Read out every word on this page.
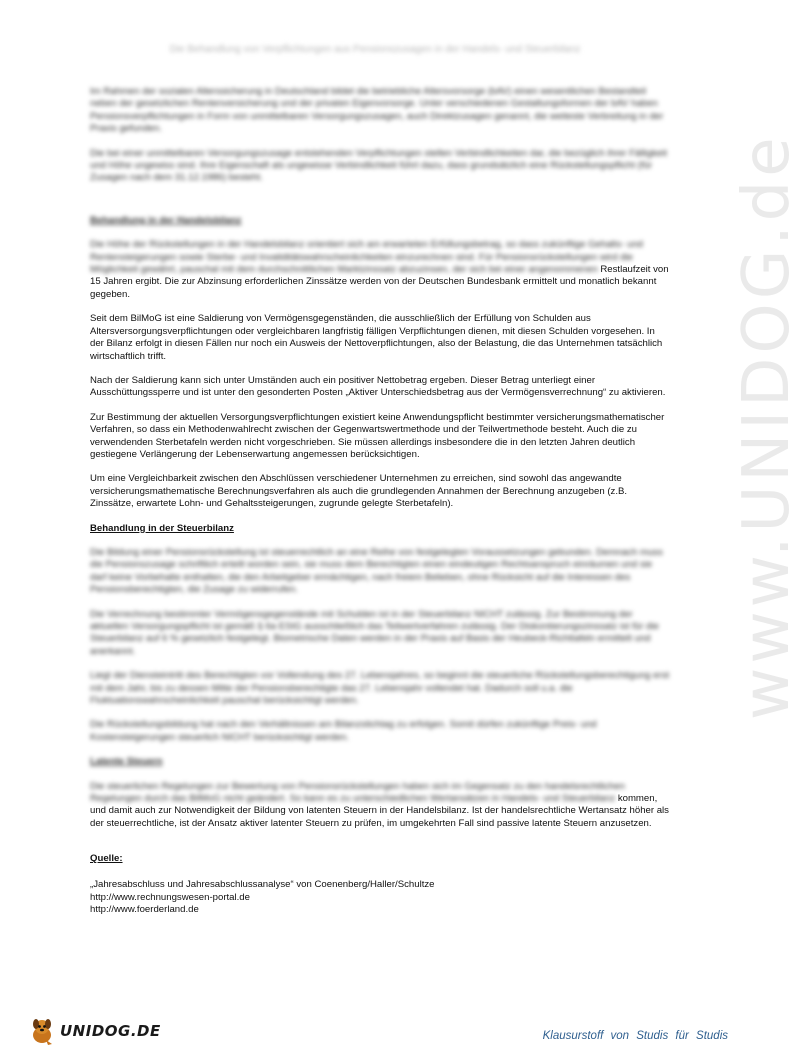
Die Behandlung von Verpflichtungen aus Pensionszusagen in der Handels- und Steuerbilanz
www.UNIDOG.de

Im Rahmen der sozialen Alterssicherung in Deutschland bildet die betriebliche Altersvorsorge (bAV) einen wesentlichen Bestandteil neben der gesetzlichen Rentenversicherung und der privaten Eigenvorsorge. Unter verschiedenen Gestaltungsformen der bAV haben Pensionsverpflichtungen in Form von unmittelbaren Versorgungszusagen, auch Direktzusagen genannt, die weiteste Verbreitung in der Praxis gefunden.

Die bei einer unmittelbaren Versorgungszusage entstehenden Verpflichtungen stellen Verbindlichkeiten dar, die bezüglich ihrer Fälligkeit und Höhe ungewiss sind. Ihre Eigenschaft als ungewisse Verbindlichkeit führt dazu, dass grundsätzlich eine Rückstellungspflicht (für Zusagen nach dem 31.12.1986) besteht.

Behandlung in der Handelsbilanz

Die Höhe der Rückstellungen in der Handelsbilanz orientiert sich am erwarteten Erfüllungsbetrag, so dass zukünftige Gehalts- und Rentensteigerungen sowie Sterbe- und Invaliditätswahrscheinlichkeiten einzurechnen sind. Für Pensionsrückstellungen wird die Möglichkeit gewährt, pauschal mit dem durchschnittlichen Marktzinssatz abzuzinsen, der sich bei einer angenommenen Restlaufzeit von 15 Jahren ergibt. Die zur Abzinsung erforderlichen Zinssätze werden von der Deutschen Bundesbank ermittelt und monatlich bekannt gegeben.

Seit dem BilMoG ist eine Saldierung von Vermögensgegenständen, die ausschließlich der Erfüllung von Schulden aus Altersversorgungsverpflichtungen oder vergleichbaren langfristig fälligen Verpflichtungen dienen, mit diesen Schulden vorgesehen. In der Bilanz erfolgt in diesen Fällen nur noch ein Ausweis der Nettoverpflichtungen, also der Belastung, die das Unternehmen tatsächlich wirtschaftlich trifft.

Nach der Saldierung kann sich unter Umständen auch ein positiver Nettobetrag ergeben. Dieser Betrag unterliegt einer Ausschüttungssperre und ist unter den gesonderten Posten „Aktiver Unterschiedsbetrag aus der Vermögensverrechnung“ zu aktivieren.

Zur Bestimmung der aktuellen Versorgungsverpflichtungen existiert keine Anwendungspflicht bestimmter versicherungsmathematischer Verfahren, so dass ein Methodenwahlrecht zwischen der Gegenwartswertmethode und der Teilwertmethode besteht. Auch die zu verwendenden Sterbetafeln werden nicht vorgeschrieben. Sie müssen allerdings insbesondere die in den letzten Jahren deutlich gestiegene Verlängerung der Lebenserwartung angemessen berücksichtigen.

Um eine Vergleichbarkeit zwischen den Abschlüssen verschiedener Unternehmen zu erreichen, sind sowohl das angewandte versicherungsmathematische Berechnungsverfahren als auch die grundlegenden Annahmen der Berechnung anzugeben (z.B. Zinssätze, erwartete Lohn- und Gehaltssteigerungen, zugrunde gelegte Sterbetafeln).

Behandlung in der Steuerbilanz

Die Bildung einer Pensionsrückstellung ist steuerrechtlich an eine Reihe von festgelegten Voraussetzungen gebunden. Demnach muss die Pensionszusage schriftlich erteilt worden sein, sie muss dem Berechtigten einen eindeutigen Rechtsanspruch einräumen und sie darf keine Vorbehalte enthalten, die den Arbeitgeber ermächtigen, nach freiem Belieben, ohne Rücksicht auf die Interessen des Pensionsberechtigten, die Zusage zu widerrufen.

Die Verrechnung bestimmter Vermögensgegenstände mit Schulden ist in der Steuerbilanz NICHT zulässig. Zur Bestimmung der aktuellen Versorgungspflicht ist gemäß § 6a EStG ausschließlich das Teilwertverfahren zulässig. Der Diskontierungszinssatz ist für die Steuerbilanz auf 6 % gesetzlich festgelegt. Biometrische Daten werden in der Praxis auf Basis der Heubeck-Richttafeln ermittelt und anerkannt.

Liegt der Diensteintritt des Berechtigten vor Vollendung des 27. Lebensjahres, so beginnt die steuerliche Rückstellungsberechtigung erst mit dem Jahr, bis zu dessen Mitte der Pensionsberechtigte das 27. Lebensjahr vollendet hat. Dadurch soll u.a. die Fluktuationswahrscheinlichkeit pauschal berücksichtigt werden.

Die Rückstellungsbildung hat nach den Verhältnissen am Bilanzstichtag zu erfolgen. Somit dürfen zukünftige Preis- und Kostensteigerungen steuerlich NICHT berücksichtigt werden.

Latente Steuern

Die steuerlichen Regelungen zur Bewertung von Pensionsrückstellungen haben sich im Gegensatz zu den handelsrechtlichen Regelungen durch das BilMoG nicht geändert. So kann es zu unterschiedlichen Wertansätzen in Handels- und Steuerbilanz kommen, und damit auch zur Notwendigkeit der Bildung von latenten Steuern in der Handelsbilanz. Ist der handelsrechtliche Wertansatz höher als der steuerrechtliche, ist der Ansatz aktiver latenter Steuern zu prüfen, im umgekehrten Fall sind passive latente Steuern anzusetzen.

Quelle:
„Jahresabschluss und Jahresabschlussanalyse“ von Coenenberg/Haller/Schultze
http://www.rechnungswesen-portal.de
http://www.foerderland.de
UNIDOG.DE	Klausurstoff von Studis für Studis
